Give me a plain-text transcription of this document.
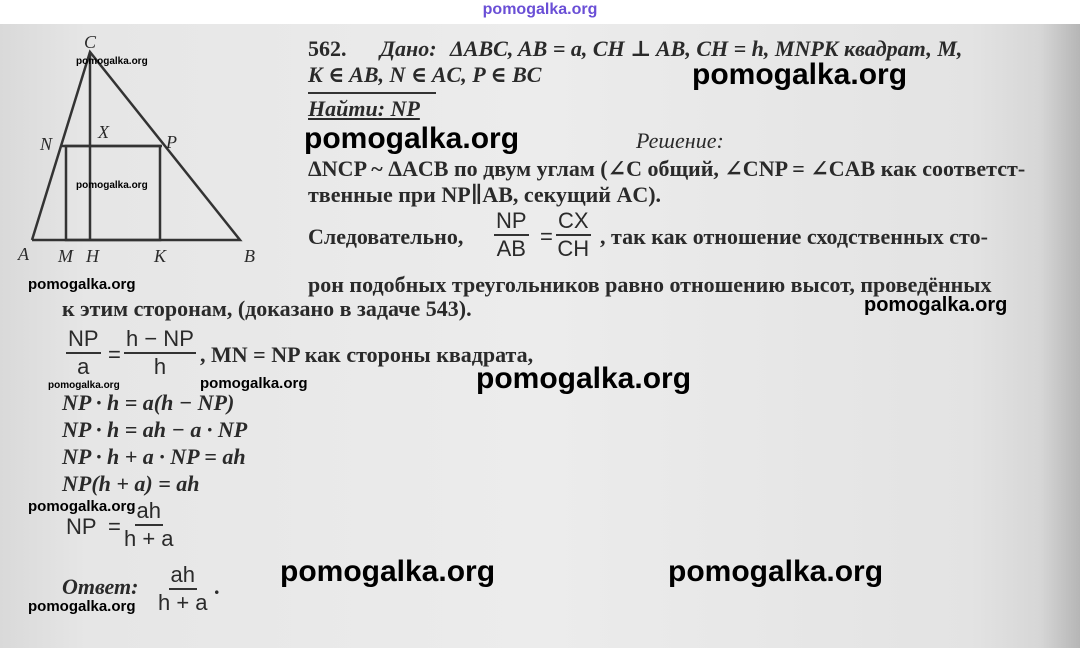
pomogalka.org
C
N	P
X
A M H	K	B
562. Дано: ΔABC, AB = a, CH ⊥ AB, CH = h, MNPK квадрат, M,
K ∈ AB, N ∈ AC, P ∈ BC
Найти: NP
Решение:
ΔNCP ~ ΔACB по двум углам (∠C общий, ∠CNP = ∠CAB как соответст-
твенные при NP∥AB, секущий AC).
Следовательно, $\frac{NP}{AB} = \frac{CX}{CH}$ , так как отношение сходственных сто-
рон подобных треугольников равно отношению высот, проведённых
к этим сторонам, (доказано в задаче 543).
$\frac{NP}{a} = \frac{h - NP}{h}$ , MN = NP как стороны квадрата,
NP · h = a(h − NP)
NP · h = ah − a · NP
NP · h + a · NP = ah
NP(h + a) = ah
NP = $\frac{ah}{h + a}$
Ответ: $\frac{ah}{h + a}$ .
pomogalka.org
pomogalka.org
pomogalka.org
pomogalka.org
pomogalka.org
pomogalka.org
pomogalka.org
pomogalka.org
pomogalka.org
pomogalka.org
pomogalka.org	pomogalka.org
pomogalka.org
